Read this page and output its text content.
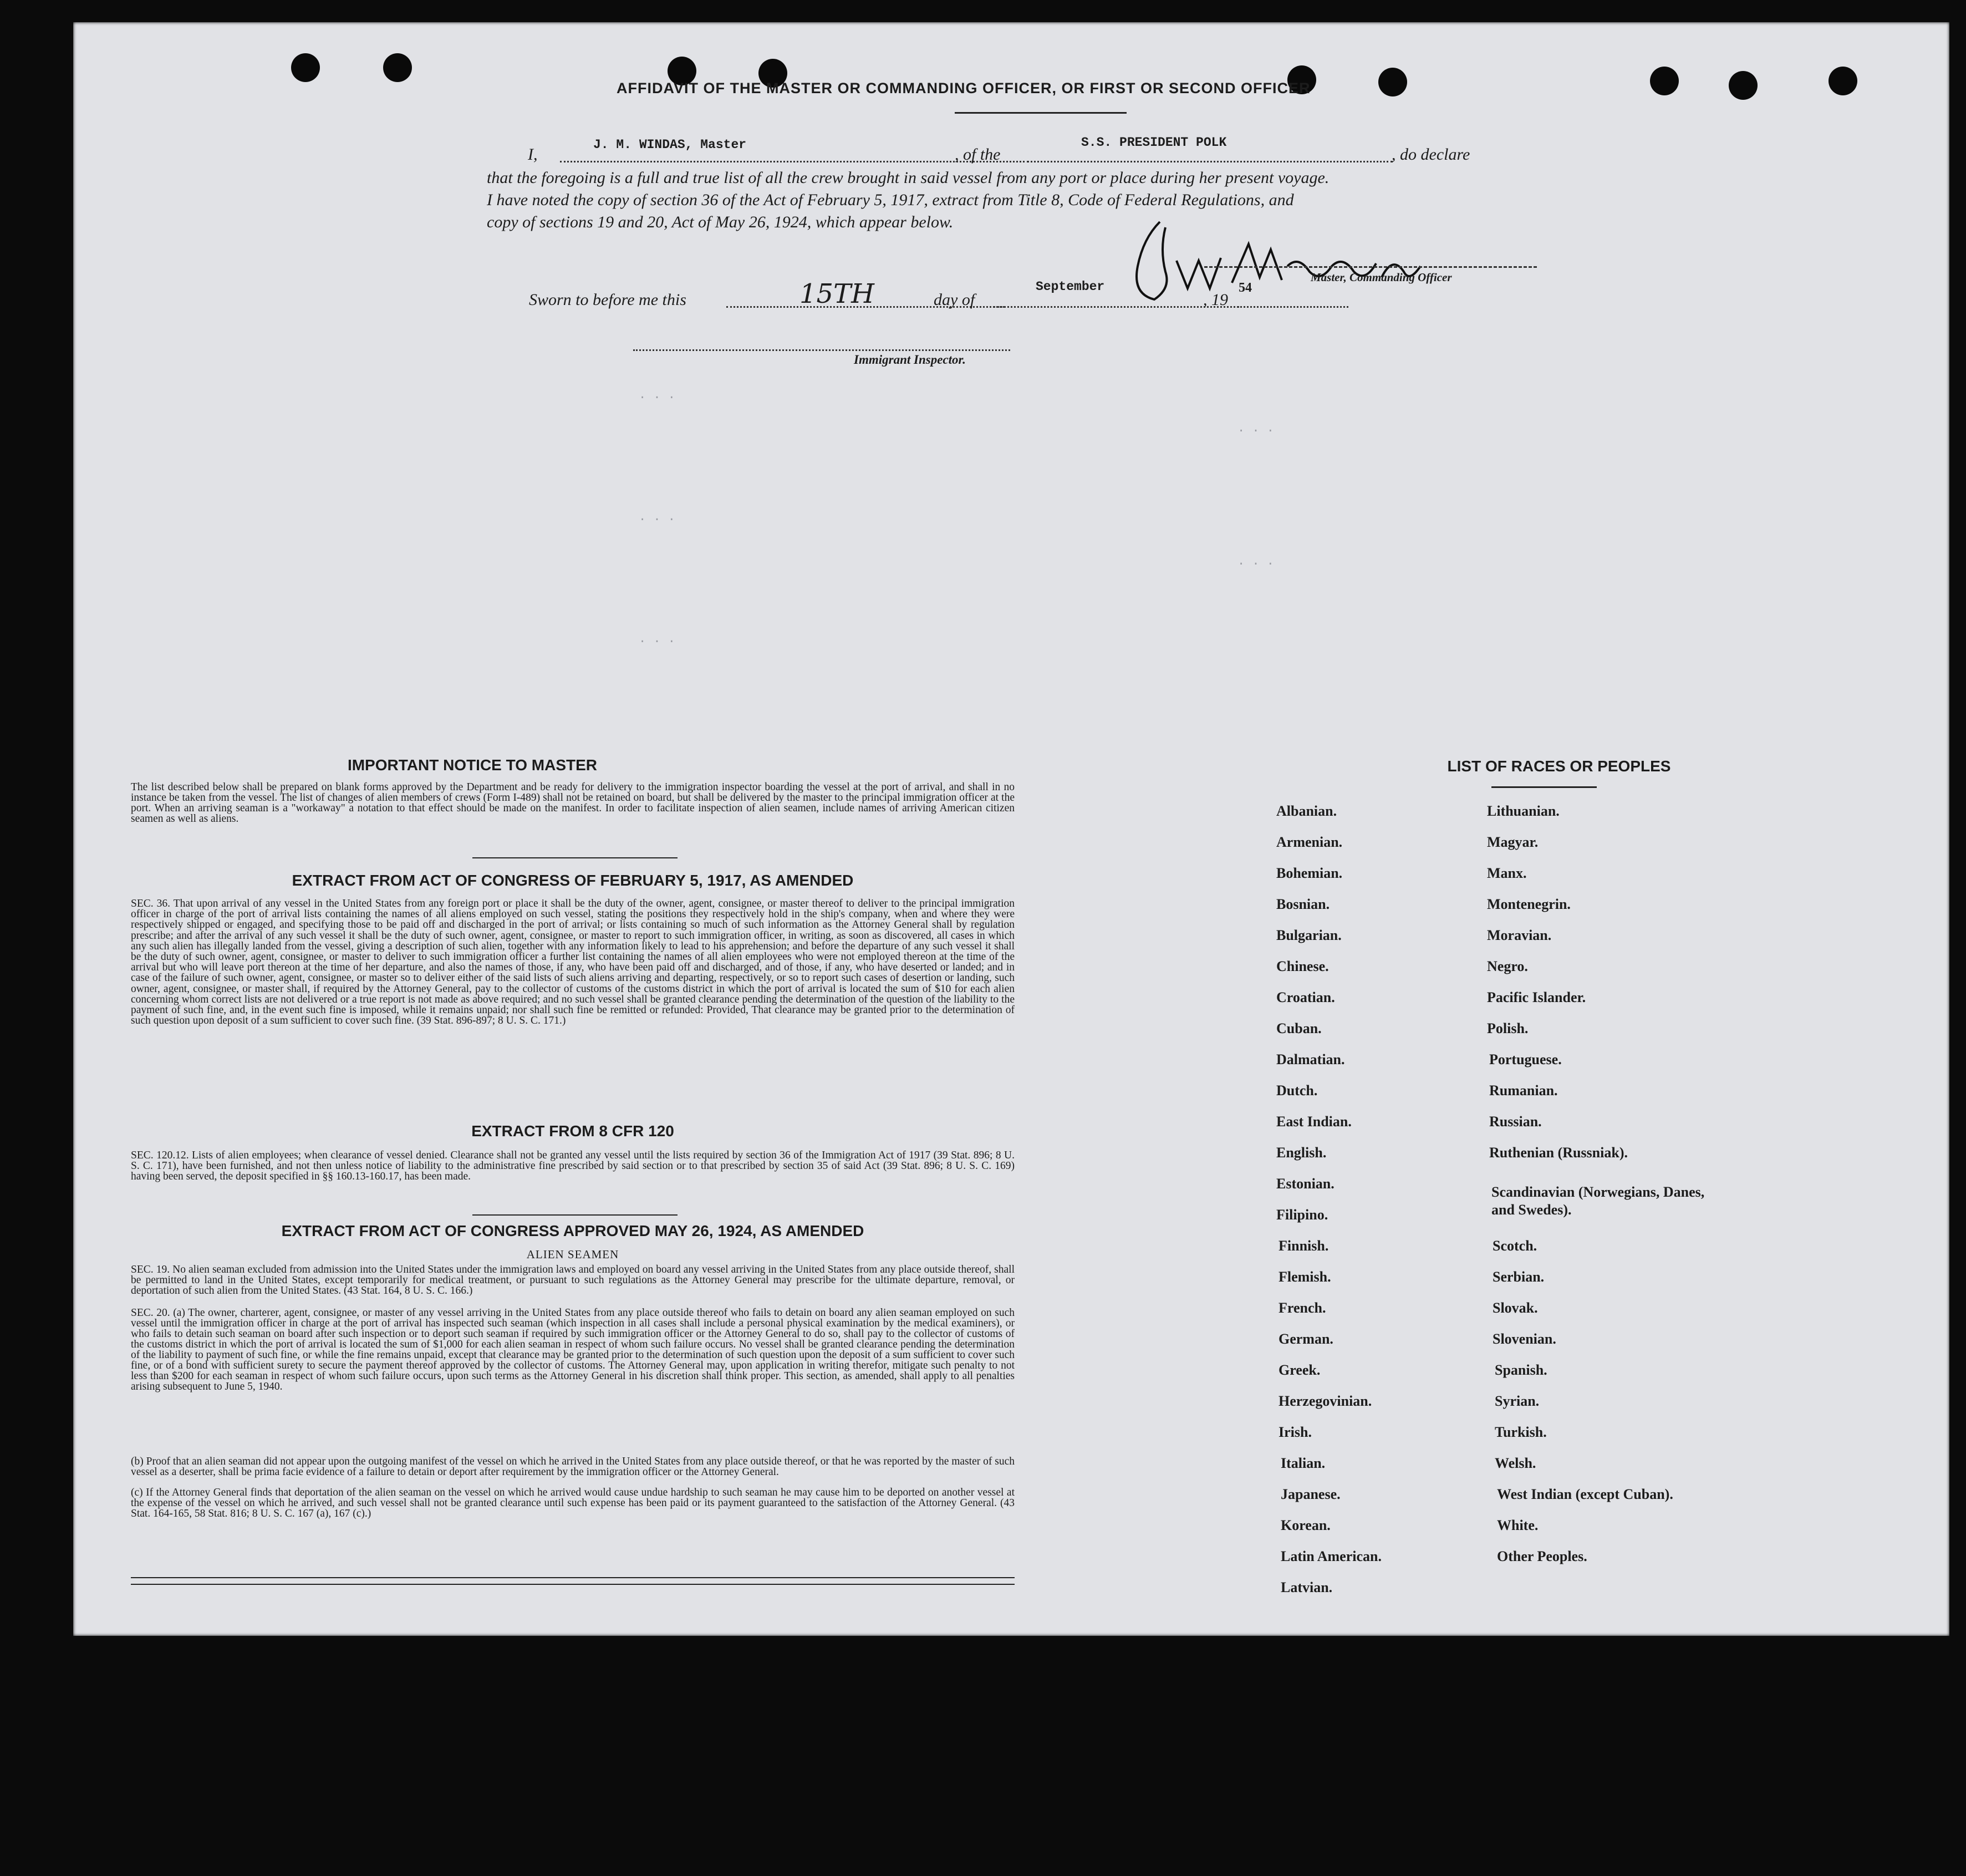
. . .
. . .
. . .
. . .
. . .
AFFIDAVIT OF THE MASTER OR COMMANDING OFFICER, OR FIRST OR SECOND OFFICER
I,
J. M. WINDAS, Master
, of the
S.S. PRESIDENT POLK
, do declare
that the foregoing is a full and true list of all the crew brought in said vessel from any port or place during her present voyage.
I have noted the copy of section 36 of the Act of February 5, 1917, extract from Title 8, Code of Federal Regulations, and
copy of sections 19 and 20, Act of May 26, 1924, which appear below.
Master, Commanding Officer
Sworn to before me this	15TH	day of
September
, 19
54
Immigrant Inspector.
IMPORTANT NOTICE TO MASTER
The list described below shall be prepared on blank forms approved by the Department and be ready for delivery to the immigration inspector boarding the vessel at the port of arrival, and shall in no instance be taken from the vessel. The list of changes of alien members of crews (Form I-489) shall not be retained on board, but shall be delivered by the master to the principal immigration officer at the port. When an arriving seaman is a "workaway" a notation to that effect should be made on the manifest. In order to facilitate inspection of alien seamen, include names of arriving American citizen seamen as well as aliens.
EXTRACT FROM ACT OF CONGRESS OF FEBRUARY 5, 1917, AS AMENDED
SEC. 36. That upon arrival of any vessel in the United States from any foreign port or place it shall be the duty of the owner, agent, consignee, or master thereof to deliver to the principal immigration officer in charge of the port of arrival lists containing the names of all aliens employed on such vessel, stating the positions they respectively hold in the ship's company, when and where they were respectively shipped or engaged, and specifying those to be paid off and discharged in the port of arrival; or lists containing so much of such information as the Attorney General shall by regulation prescribe; and after the arrival of any such vessel it shall be the duty of such owner, agent, consignee, or master to report to such immigration officer, in writing, as soon as discovered, all cases in which any such alien has illegally landed from the vessel, giving a description of such alien, together with any information likely to lead to his apprehension; and before the departure of any such vessel it shall be the duty of such owner, agent, consignee, or master to deliver to such immigration officer a further list containing the names of all alien employees who were not employed thereon at the time of the arrival but who will leave port thereon at the time of her departure, and also the names of those, if any, who have been paid off and discharged, and of those, if any, who have deserted or landed; and in case of the failure of such owner, agent, consignee, or master so to deliver either of the said lists of such aliens arriving and departing, respectively, or so to report such cases of desertion or landing, such owner, agent, consignee, or master shall, if required by the Attorney General, pay to the collector of customs of the customs district in which the port of arrival is located the sum of $10 for each alien concerning whom correct lists are not delivered or a true report is not made as above required; and no such vessel shall be granted clearance pending the determination of the question of the liability to the payment of such fine, and, in the event such fine is imposed, while it remains unpaid; nor shall such fine be remitted or refunded: Provided, That clearance may be granted prior to the determination of such question upon deposit of a sum sufficient to cover such fine. (39 Stat. 896-897; 8 U. S. C. 171.)
EXTRACT FROM 8 CFR 120
SEC. 120.12. Lists of alien employees; when clearance of vessel denied. Clearance shall not be granted any vessel until the lists required by section 36 of the Immigration Act of 1917 (39 Stat. 896; 8 U. S. C. 171), have been furnished, and not then unless notice of liability to the administrative fine prescribed by said section or to that prescribed by section 35 of said Act (39 Stat. 896; 8 U. S. C. 169) having been served, the deposit specified in §§ 160.13-160.17, has been made.
EXTRACT FROM ACT OF CONGRESS APPROVED MAY 26, 1924, AS AMENDED
ALIEN SEAMEN
SEC. 19. No alien seaman excluded from admission into the United States under the immigration laws and employed on board any vessel arriving in the United States from any place outside thereof, shall be permitted to land in the United States, except temporarily for medical treatment, or pursuant to such regulations as the Attorney General may prescribe for the ultimate departure, removal, or deportation of such alien from the United States. (43 Stat. 164, 8 U. S. C. 166.)
SEC. 20. (a) The owner, charterer, agent, consignee, or master of any vessel arriving in the United States from any place outside thereof who fails to detain on board any alien seaman employed on such vessel until the immigration officer in charge at the port of arrival has inspected such seaman (which inspection in all cases shall include a personal physical examination by the medical examiners), or who fails to detain such seaman on board after such inspection or to deport such seaman if required by such immigration officer or the Attorney General to do so, shall pay to the collector of customs of the customs district in which the port of arrival is located the sum of $1,000 for each alien seaman in respect of whom such failure occurs. No vessel shall be granted clearance pending the determination of the liability to payment of such fine, or while the fine remains unpaid, except that clearance may be granted prior to the determination of such question upon the deposit of a sum sufficient to cover such fine, or of a bond with sufficient surety to secure the payment thereof approved by the collector of customs. The Attorney General may, upon application in writing therefor, mitigate such penalty to not less than $200 for each seaman in respect of whom such failure occurs, upon such terms as the Attorney General in his discretion shall think proper. This section, as amended, shall apply to all penalties arising subsequent to June 5, 1940.
(b) Proof that an alien seaman did not appear upon the outgoing manifest of the vessel on which he arrived in the United States from any place outside thereof, or that he was reported by the master of such vessel as a deserter, shall be prima facie evidence of a failure to detain or deport after requirement by the immigration officer or the Attorney General.
(c) If the Attorney General finds that deportation of the alien seaman on the vessel on which he arrived would cause undue hardship to such seaman he may cause him to be deported on another vessel at the expense of the vessel on which he arrived, and such vessel shall not be granted clearance until such expense has been paid or its payment guaranteed to the satisfaction of the Attorney General. (43 Stat. 164-165, 58 Stat. 816; 8 U. S. C. 167 (a), 167 (c).)
LIST OF RACES OR PEOPLES
Albanian.
Armenian.
Bohemian.
Bosnian.
Bulgarian.
Chinese.
Croatian.
Cuban.
Dalmatian.
Dutch.
East Indian.
English.
Estonian.
Filipino.
Finnish.
Flemish.
French.
German.
Greek.
Herzegovinian.
Irish.
Italian.
Japanese.
Korean.
Latin American.
Latvian.
Lithuanian.
Magyar.
Manx.
Montenegrin.
Moravian.
Negro.
Pacific Islander.
Polish.
Portuguese.
Rumanian.
Russian.
Ruthenian (Russniak).
Scandinavian (Norwegians, Danes, and Swedes).
Scotch.
Serbian.
Slovak.
Slovenian.
Spanish.
Syrian.
Turkish.
Welsh.
West Indian (except Cuban).
White.
Other Peoples.
